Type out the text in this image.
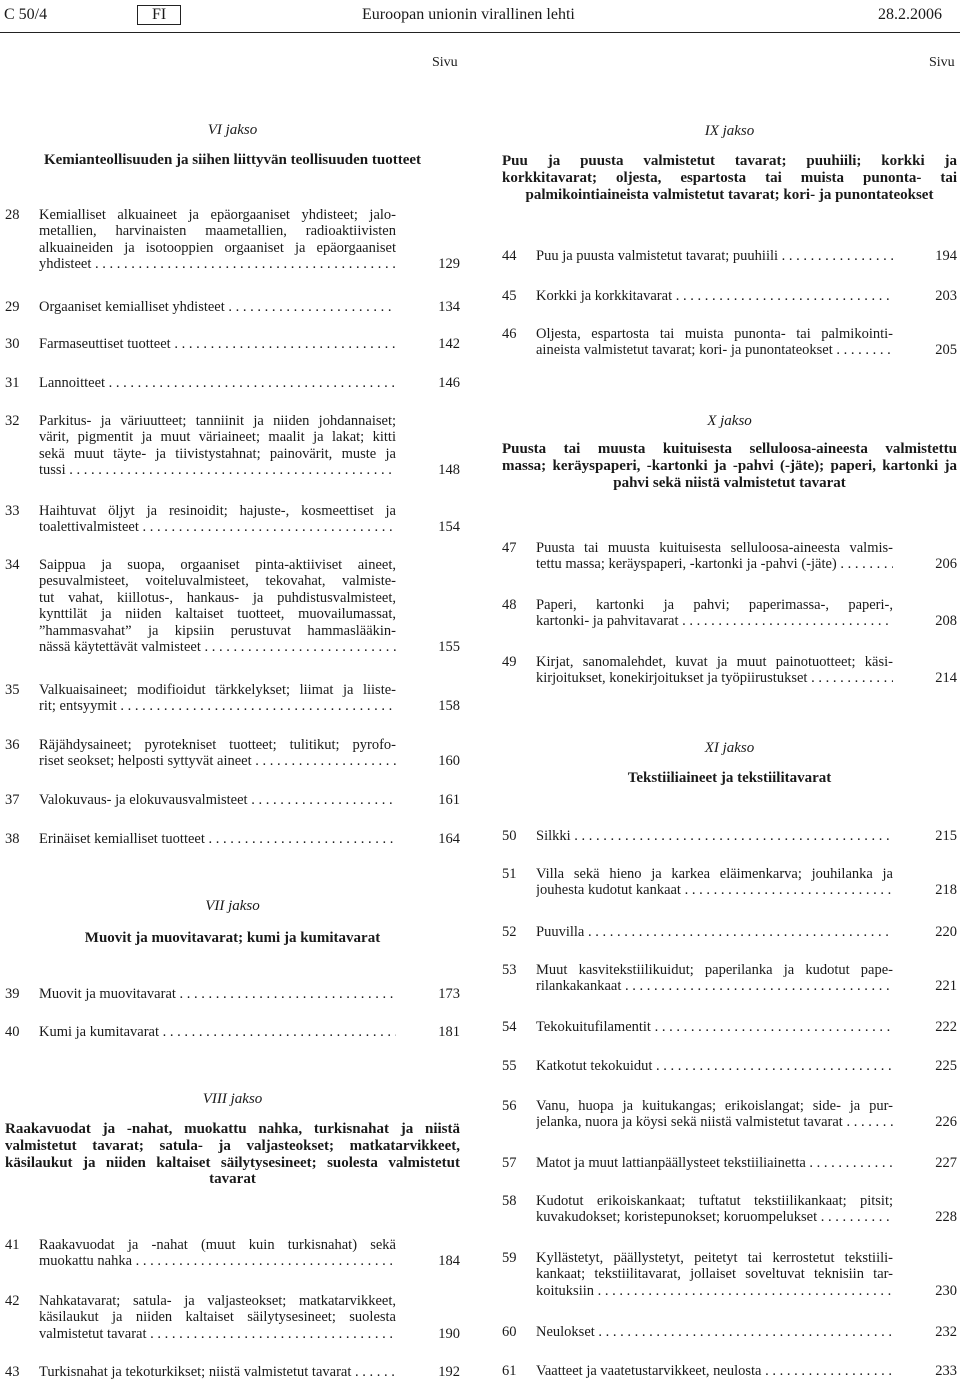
C 50/4	FI	Euroopan unionin virallinen lehti	28.2.2006
Sivu	Sivu
VI jakso
Kemianteollisuuden ja siihen liittyvän teollisuuden tuotteet
VII jakso
Muovit ja muovitavarat; kumi ja kumitavarat
VIII jakso
Raakavuodat ja -nahat, muokattu nahka, turkisnahat ja niistä
valmistetut tavarat; satula- ja valjasteokset; matkatarvikkeet,
käsilaukut ja niiden kaltaiset säilytysesineet; suolesta valmistetut
tavarat
28 Kemialliset alkuaineet ja epäorgaaniset yhdisteet; jalo-
metallien, harvinaisten maametallien, radioaktiivisten
alkuaineiden ja isotooppien orgaaniset ja epäorgaaniset
yhdisteet . . .	129
29 Orgaaniset kemialliset yhdisteet . . .	134
30 Farmaseuttiset tuotteet . . .	142
31 Lannoitteet . . .	146
32 Parkitus- ja väriuutteet; tanniinit ja niiden johdannaiset;
värit, pigmentit ja muut väriaineet; maalit ja lakat; kitti
sekä muut täyte- ja tiivistystahnat; painovärit, muste ja
tussi . . .	148
33 Haihtuvat öljyt ja resinoidit; hajuste-, kosmeettiset ja
toalettivalmisteet . . .	154
34 Saippua ja suopa, orgaaniset pinta-aktiiviset aineet,
pesuvalmisteet, voiteluvalmisteet, tekovahat, valmiste-
tut vahat, kiillotus-, hankaus- ja puhdistusvalmisteet,
kynttilät ja niiden kaltaiset tuotteet, muovailumassat,
”hammasvahat” ja kipsiin perustuvat hammaslääkin-
nässä käytettävät valmisteet . . .	155
35 Valkuaisaineet; modifioidut tärkkelykset; liimat ja liiste-
rit; entsyymit . . .	158
36 Räjähdysaineet; pyrotekniset tuotteet; tulitikut; pyrofo-
riset seokset; helposti syttyvät aineet . . .	160
37 Valokuvaus- ja elokuvausvalmisteet . . .	161
38 Erinäiset kemialliset tuotteet . . .	164
39 Muovit ja muovitavarat . . .	173
40 Kumi ja kumitavarat . . .	181
41 Raakavuodat ja -nahat (muut kuin turkisnahat) sekä
muokattu nahka . . .	184
42 Nahkatavarat; satula- ja valjasteokset; matkatarvikkeet,
käsilaukut ja niiden kaltaiset säilytysesineet; suolesta
valmistetut tavarat . . .	190
43 Turkisnahat ja tekoturkikset; niistä valmistetut tavarat . . .	192
IX jakso
Puu ja puusta valmistetut tavarat; puuhiili; korkki ja
korkkitavarat; oljesta, espartosta tai muista punonta- tai
palmikointiaineista valmistetut tavarat; kori- ja punontateokset
X jakso
Puusta tai muusta kuituisesta selluloosa-aineesta valmistettu
massa; keräyspaperi, -kartonki ja -pahvi (-jäte); paperi, kartonki ja
pahvi sekä niistä valmistetut tavarat
XI jakso
Tekstiiliaineet ja tekstiilitavarat
44 Puu ja puusta valmistetut tavarat; puuhiili . . .	194
45 Korkki ja korkkitavarat . . .	203
46 Oljesta, espartosta tai muista punonta- tai palmikointi-
aineista valmistetut tavarat; kori- ja punontateokset . . .	205
47 Puusta tai muusta kuituisesta selluloosa-aineesta valmis-
tettu massa; keräyspaperi, -kartonki ja -pahvi (-jäte) . . .	206
48 Paperi, kartonki ja pahvi; paperimassa-, paperi-,
kartonki- ja pahvitavarat . . .	208
49 Kirjat, sanomalehdet, kuvat ja muut painotuotteet; käsi-
kirjoitukset, konekirjoitukset ja työpiirustukset . . .	214
50 Silkki . . .	215
51 Villa sekä hieno ja karkea eläimenkarva; jouhilanka ja
jouhesta kudotut kankaat . . .	218
52 Puuvilla . . .	220
53 Muut kasvitekstiilikuidut; paperilanka ja kudotut pape-
rilankakankaat . . .	221
54 Tekokuitufilamentit . . .	222
55 Katkotut tekokuidut . . .	225
56 Vanu, huopa ja kuitukangas; erikoislangat; side- ja pur-
jelanka, nuora ja köysi sekä niistä valmistetut tavarat . . .	226
57 Matot ja muut lattianpäällysteet tekstiiliainetta . . .	227
58 Kudotut erikoiskankaat; tuftatut tekstiilikankaat; pitsit;
kuvakudokset; koristepunokset; koruompelukset . . .	228
59 Kyllästetyt, päällystetyt, peitetyt tai kerrostetut tekstiili-
kankaat; tekstiilitavarat, jollaiset soveltuvat teknisiin tar-
koituksiin . . .	230
60 Neulokset . . .	232
61 Vaatteet ja vaatetustarvikkeet, neulosta . . .	233
